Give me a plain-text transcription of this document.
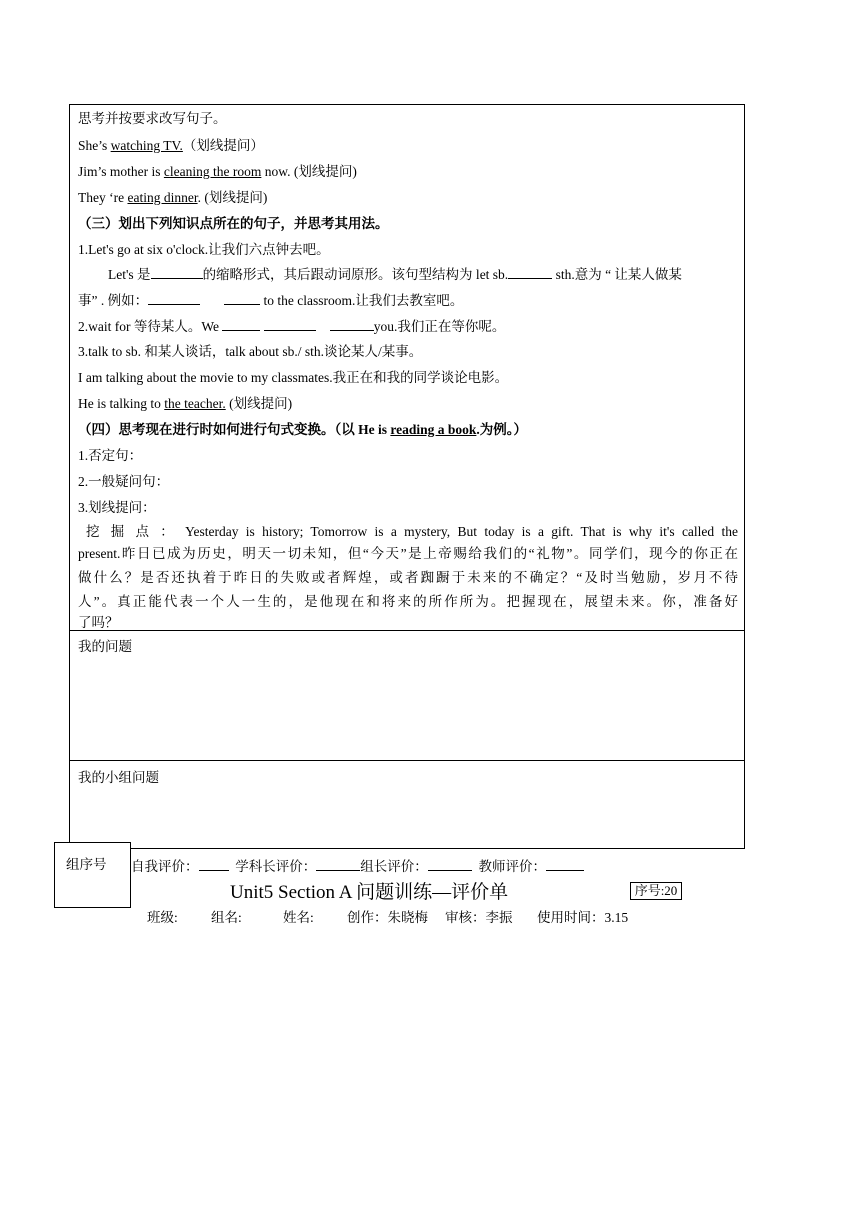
思考并按要求改写句子。
She’s watching TV.（划线提问）
Jim’s mother is cleaning the room now. (划线提问)
They ‘re eating dinner. (划线提问)
（三）划出下列知识点所在的句子，并思考其用法。
1.Let's go at six o'clock.让我们六点钟去吧。
Let's 是	的缩略形式，其后跟动词原形。该句型结构为 let sb.	sth.意为 “ 让某人做某
事” . 例如：	to the classroom.让我们去教室吧。
2.wait for 等待某人。We	you.我们正在等你呢。
3.talk to sb. 和某人谈话，talk about sb./ sth.谈论某人/某事。
I am talking about the movie to my classmates.我正在和我的同学谈论电影。
He is talking to the teacher. (划线提问)
（四）思考现在进行时如何进行句式变换。（以 He is reading a book.为例。）
1.否定句：
2.一般疑问句：
3.划线提问：
挖 掘 点 ： Yesterday is history; Tomorrow is a mystery, But today is a gift. That is why it's called the
present.昨日已成为历史，明天一切未知，但“今天”是上帝赐给我们的“礼物”。同学们，现今的你正在
做什么？是否还执着于昨日的失败或者辉煌，或者踟蹰于未来的不确定？“及时当勉励，岁月不待
人”。真正能代表一个人一生的，是他现在和将来的所作所为。把握现在，展望未来。你，准备好
了吗？
我的问题
我的小组问题
组序号 自我评价：	学科长评价：	组长评价：	教师评价：
Unit5 Section A 问题训练—评价单	序号:20
班级: 组名:	姓名: 创作：朱晓梅 审核：李振 使用时间：3.15
